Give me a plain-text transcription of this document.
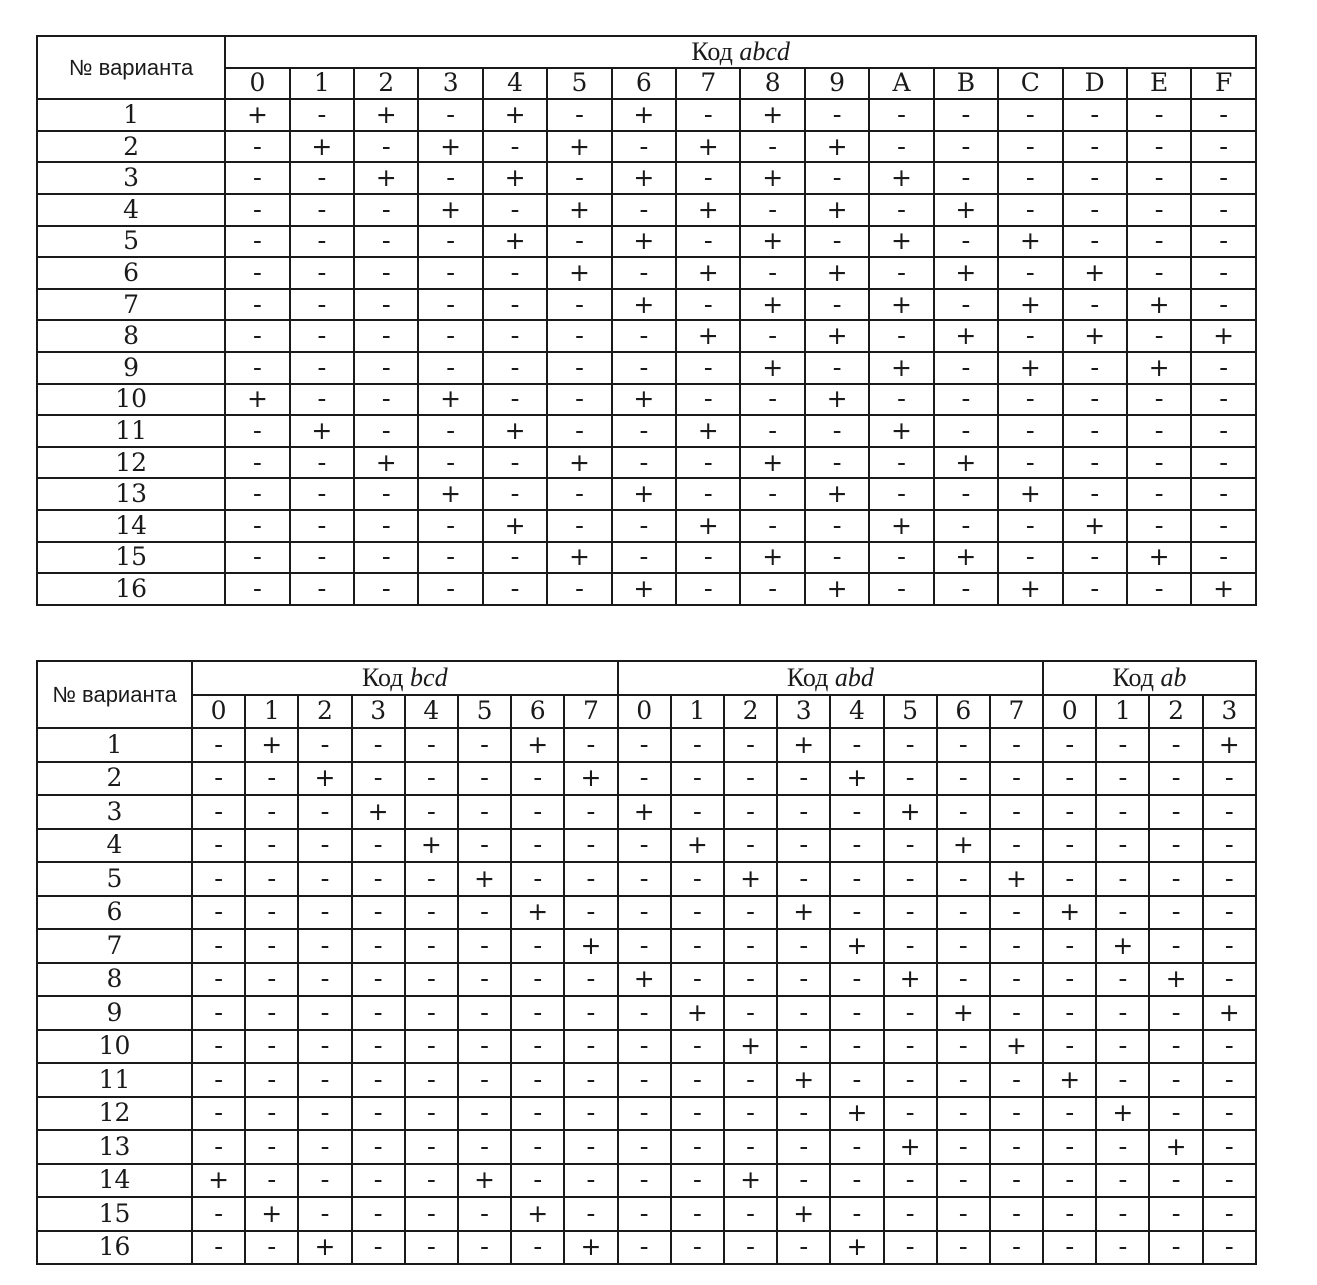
№ варианта	Код abcd															
	0	1	2	3	4	5	6	7	8	9	A	B	C	D	E	F
1	+	-	+	-	+	-	+	-	+	-	-	-	-	-	-	-
2	-	+	-	+	-	+	-	+	-	+	-	-	-	-	-	-
3	-	-	+	-	+	-	+	-	+	-	+	-	-	-	-	-
4	-	-	-	+	-	+	-	+	-	+	-	+	-	-	-	-
5	-	-	-	-	+	-	+	-	+	-	+	-	+	-	-	-
6	-	-	-	-	-	+	-	+	-	+	-	+	-	+	-	-
7	-	-	-	-	-	-	+	-	+	-	+	-	+	-	+	-
8	-	-	-	-	-	-	-	+	-	+	-	+	-	+	-	+
9	-	-	-	-	-	-	-	-	+	-	+	-	+	-	+	-
10	+	-	-	+	-	-	+	-	-	+	-	-	-	-	-	-
11	-	+	-	-	+	-	-	+	-	-	+	-	-	-	-	-
12	-	-	+	-	-	+	-	-	+	-	-	+	-	-	-	-
13	-	-	-	+	-	-	+	-	-	+	-	-	+	-	-	-
14	-	-	-	-	+	-	-	+	-	-	+	-	-	+	-	-
15	-	-	-	-	-	+	-	-	+	-	-	+	-	-	+	-
16	-	-	-	-	-	-	+	-	-	+	-	-	+	-	-	+
№ варианта	Код bcd								Код abd								Код ab			
	0	1	2	3	4	5	6	7	0	1	2	3	4	5	6	7	0	1	2	3
1	-	+	-	-	-	-	+	-	-	-	-	+	-	-	-	-	-	-	-	+
2	-	-	+	-	-	-	-	+	-	-	-	-	+	-	-	-	-	-	-	-
3	-	-	-	+	-	-	-	-	+	-	-	-	-	+	-	-	-	-	-	-
4	-	-	-	-	+	-	-	-	-	+	-	-	-	-	+	-	-	-	-	-
5	-	-	-	-	-	+	-	-	-	-	+	-	-	-	-	+	-	-	-	-
6	-	-	-	-	-	-	+	-	-	-	-	+	-	-	-	-	+	-	-	-
7	-	-	-	-	-	-	-	+	-	-	-	-	+	-	-	-	-	+	-	-
8	-	-	-	-	-	-	-	-	+	-	-	-	-	+	-	-	-	-	+	-
9	-	-	-	-	-	-	-	-	-	+	-	-	-	-	+	-	-	-	-	+
10	-	-	-	-	-	-	-	-	-	-	+	-	-	-	-	+	-	-	-	-
11	-	-	-	-	-	-	-	-	-	-	-	+	-	-	-	-	+	-	-	-
12	-	-	-	-	-	-	-	-	-	-	-	-	+	-	-	-	-	+	-	-
13	-	-	-	-	-	-	-	-	-	-	-	-	-	+	-	-	-	-	+	-
14	+	-	-	-	-	+	-	-	-	-	+	-	-	-	-	-	-	-	-	-
15	-	+	-	-	-	-	+	-	-	-	-	+	-	-	-	-	-	-	-	-
16	-	-	+	-	-	-	-	+	-	-	-	-	+	-	-	-	-	-	-	-
